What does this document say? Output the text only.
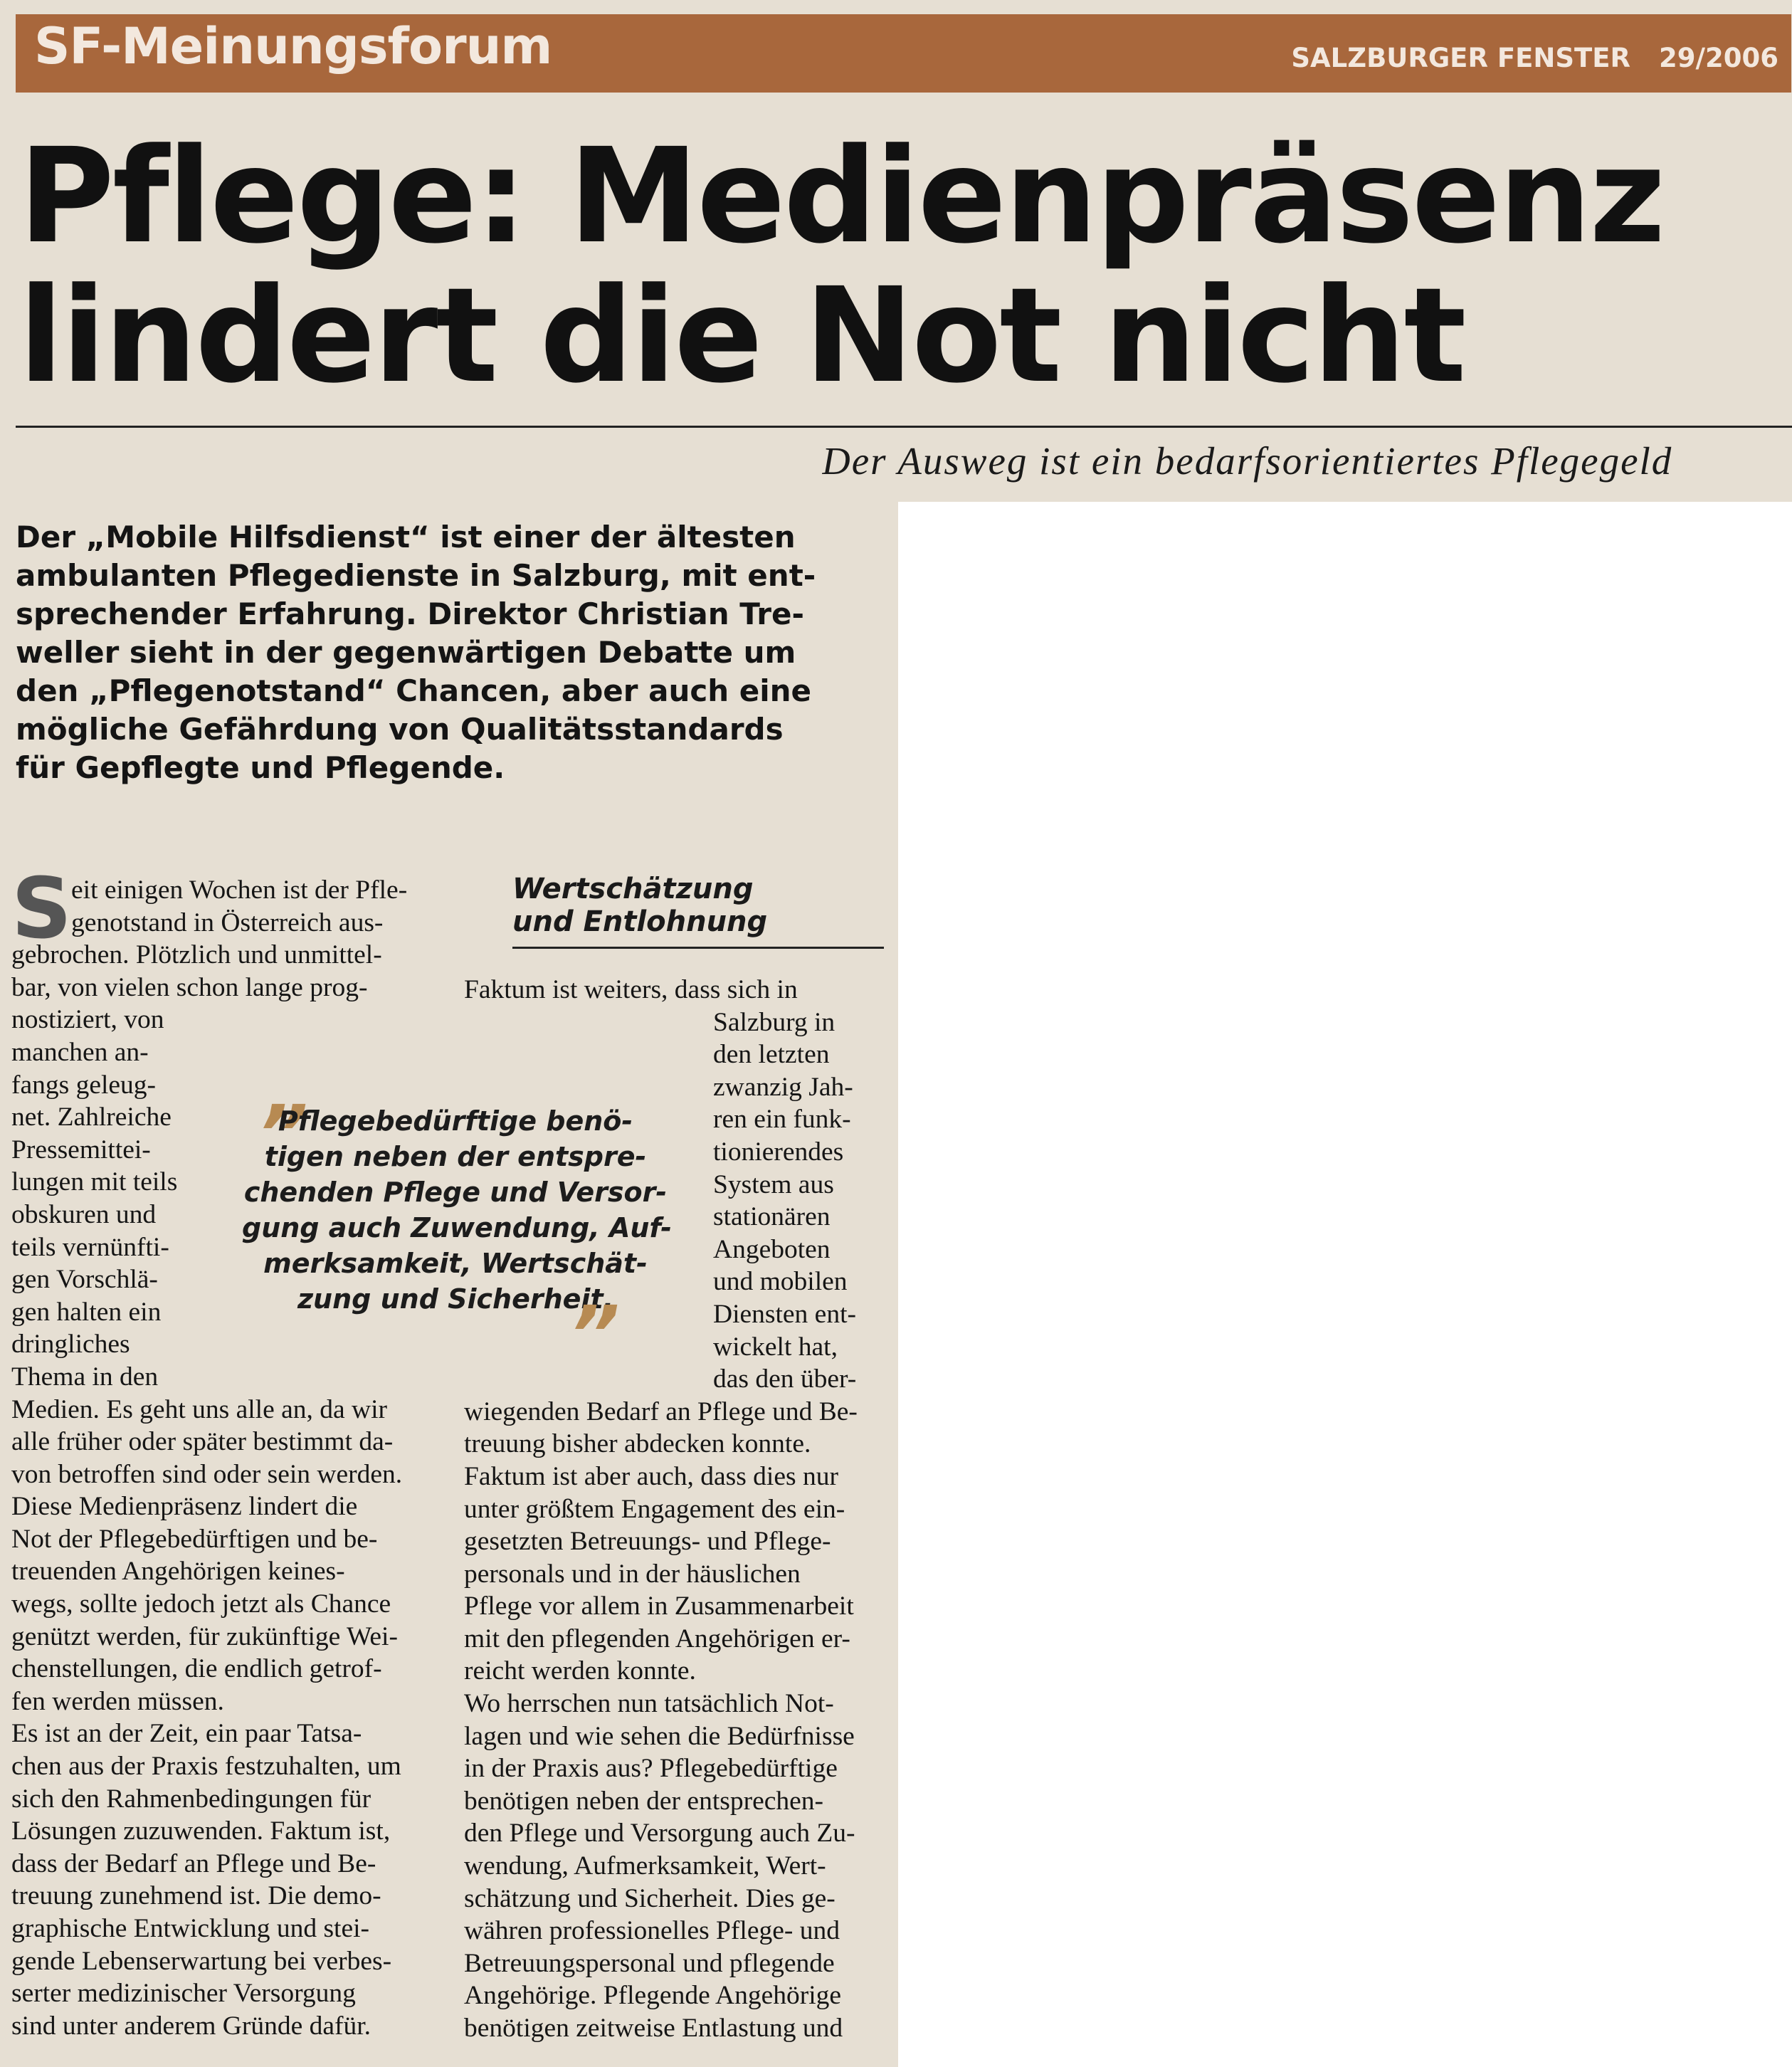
SF-Meinungsforum	SALZBURGER FENSTER 29/2006
Pflege: Medienpräsenz
lindert die Not nicht
Der Ausweg ist ein bedarfsorientiertes Pflegegeld
Der „Mobile Hilfsdienst“ ist einer der ältesten
ambulanten Pflegedienste in Salzburg, mit ent-
sprechender Erfahrung. Direktor Christian Tre-
weller sieht in der gegenwärtigen Debatte um
den „Pflegenotstand“ Chancen, aber auch eine
mögliche Gefährdung von Qualitätsstandards
für Gepflegte und Pflegende.
S eit einigen Wochen ist der Pfle-
genotstand in Österreich aus-
gebrochen. Plötzlich und unmittel-
bar, von vielen schon lange prog-
nostiziert, von
manchen an-
fangs geleug-
net. Zahlreiche
Pressemittei-
lungen mit teils
obskuren und
teils vernünfti-
gen Vorschlä-
gen halten ein
dringliches
Thema in den
Medien. Es geht uns alle an, da wir
alle früher oder später bestimmt da-
von betroffen sind oder sein werden.
Diese Medienpräsenz lindert die
Not der Pflegebedürftigen und be-
treuenden Angehörigen keines-
wegs, sollte jedoch jetzt als Chance
genützt werden, für zukünftige Wei-
chenstellungen, die endlich getrof-
fen werden müssen.
Es ist an der Zeit, ein paar Tatsa-
chen aus der Praxis festzuhalten, um
sich den Rahmenbedingungen für
Lösungen zuzuwenden. Faktum ist,
dass der Bedarf an Pflege und Be-
treuung zunehmend ist. Die demo-
graphische Entwicklung und stei-
gende Lebenserwartung bei verbes-
serter medizinischer Versorgung
sind unter anderem Gründe dafür.
Wertschätzung
und Entlohnung
Faktum ist weiters, dass sich in
Salzburg in
den letzten
zwanzig Jah-
ren ein funk-
tionierendes
System aus
stationären
Angeboten
und mobilen
Diensten ent-
wickelt hat,
das den über-
wiegenden Bedarf an Pflege und Be-
treuung bisher abdecken konnte.
Faktum ist aber auch, dass dies nur
unter größtem Engagement des ein-
gesetzten Betreuungs- und Pflege-
personals und in der häuslichen
Pflege vor allem in Zusammenarbeit
mit den pflegenden Angehörigen er-
reicht werden konnte.
Wo herrschen nun tatsächlich Not-
lagen und wie sehen die Bedürfnisse
in der Praxis aus? Pflegebedürftige
benötigen neben der entsprechen-
den Pflege und Versorgung auch Zu-
wendung, Aufmerksamkeit, Wert-
schätzung und Sicherheit. Dies ge-
währen professionelles Pflege- und
Betreuungspersonal und pflegende
Angehörige. Pflegende Angehörige
benötigen zeitweise Entlastung und
”
Pflegebedürftige benö-
tigen neben der entspre-
chenden Pflege und Versor-
gung auch Zuwendung, Auf-
merksamkeit, Wertschät-
zung und Sicherheit.
”
